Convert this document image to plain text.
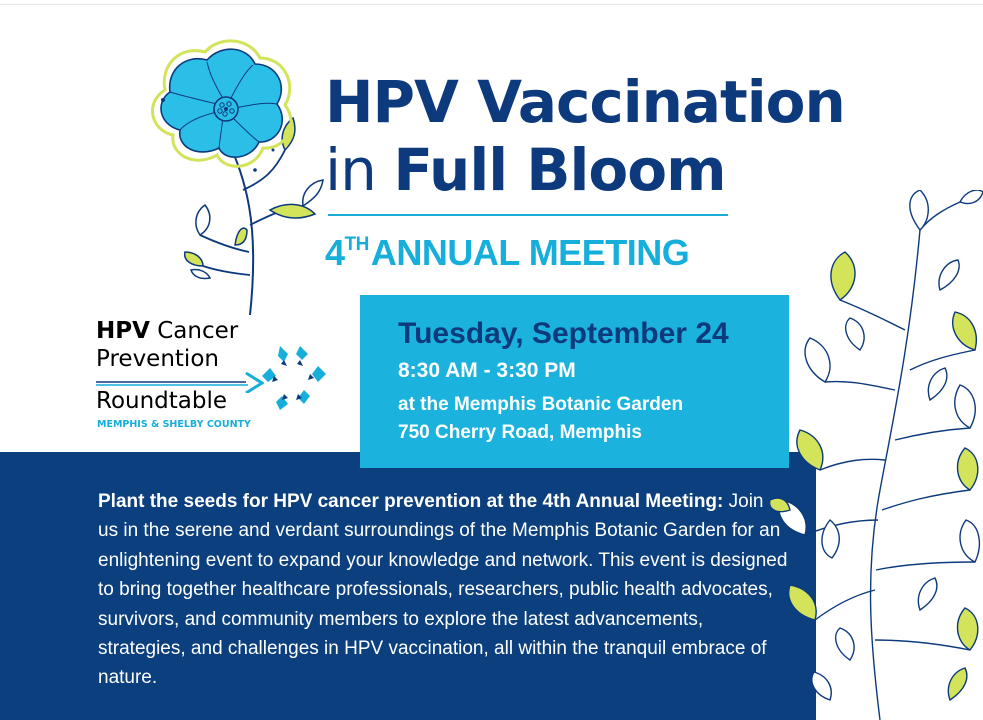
HPV Vaccination
in Full Bloom
4THANNUAL MEETING
HPV Cancer
Prevention
Roundtable
MEMPHIS & SHELBY COUNTY
Tuesday, September 24
8:30 AM - 3:30 PM
at the Memphis Botanic Garden
750 Cherry Road, Memphis
Plant the seeds for HPV cancer prevention at the 4th Annual Meeting: Join us in the serene and verdant surroundings of the Memphis Botanic Garden for an enlightening event to expand your knowledge and network. This event is designed to bring together healthcare professionals, researchers, public health advocates, survivors, and community members to explore the latest advancements, strategies, and challenges in HPV vaccination, all within the tranquil embrace of nature.
